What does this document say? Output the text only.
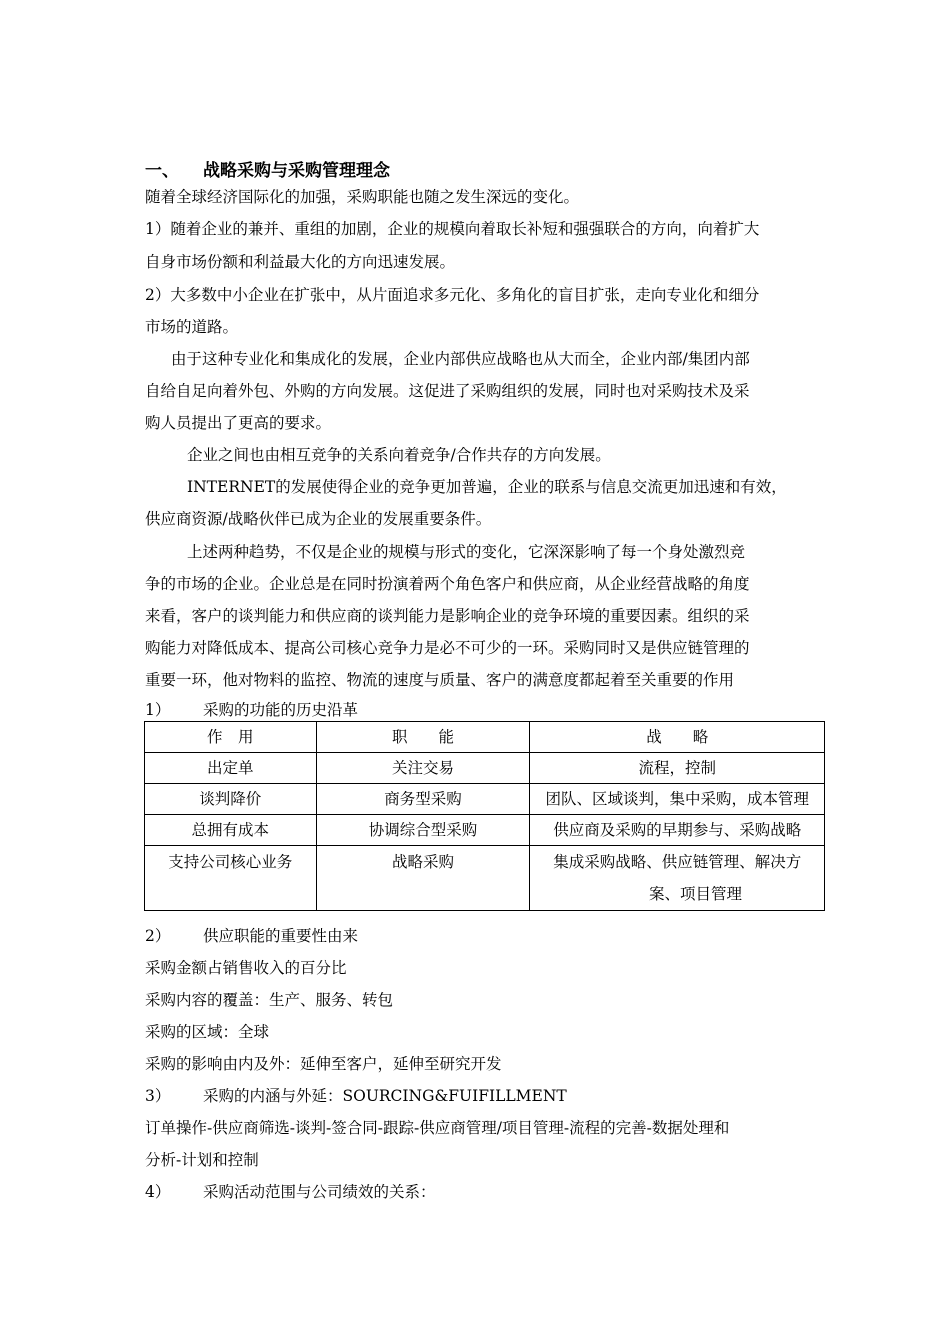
一、 战略采购与采购管理理念
随着全球经济国际化的加强，采购职能也随之发生深远的变化。
1）随着企业的兼并、重组的加剧，企业的规模向着取长补短和强强联合的方向，向着扩大
自身市场份额和利益最大化的方向迅速发展。
2）大多数中小企业在扩张中，从片面追求多元化、多角化的盲目扩张，走向专业化和细分
市场的道路。
由于这种专业化和集成化的发展，企业内部供应战略也从大而全，企业内部/集团内部
自给自足向着外包、外购的方向发展。这促进了采购组织的发展，同时也对采购技术及采
购人员提出了更高的要求。
企业之间也由相互竞争的关系向着竞争/合作共存的方向发展。
INTERNET的发展使得企业的竞争更加普遍，企业的联系与信息交流更加迅速和有效，
供应商资源/战略伙伴已成为企业的发展重要条件。
上述两种趋势，不仅是企业的规模与形式的变化，它深深影响了每一个身处激烈竞
争的市场的企业。企业总是在同时扮演着两个角色客户和供应商，从企业经营战略的角度
来看，客户的谈判能力和供应商的谈判能力是影响企业的竞争环境的重要因素。组织的采
购能力对降低成本、提高公司核心竞争力是必不可少的一环。采购同时又是供应链管理的
重要一环，他对物料的监控、物流的速度与质量、客户的满意度都起着至关重要的作用
1） 采购的功能的历史沿革
作　用	职　　能	战　　略
出定单	关注交易	流程，控制
谈判降价	商务型采购	团队、区域谈判，集中采购，成本管理
总拥有成本	协调综合型采购	供应商及采购的早期参与、采购战略
支持公司核心业务	战略采购	集成采购战略、供应链管理、解决方
案、项目管理
2） 供应职能的重要性由来
采购金额占销售收入的百分比
采购内容的覆盖：生产、服务、转包
采购的区域：全球
采购的影响由内及外：延伸至客户，延伸至研究开发
3） 采购的内涵与外延：SOURCING&FUIFILLMENT
订单操作-供应商筛选-谈判-签合同-跟踪-供应商管理/项目管理-流程的完善-数据处理和
分析-计划和控制
4） 采购活动范围与公司绩效的关系：
